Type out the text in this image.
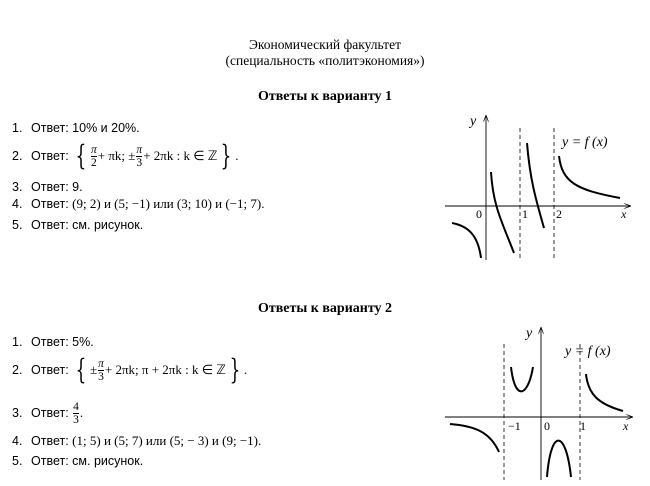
Экономический факультет
(специальность «политэкономия»)
Ответы к варианту 1
1. Ответ: 10% и 20%.
2. Ответ:
{ $\frac{\pi}{2} + \pi k$; ± $\frac{\pi}{3} + 2\pi k$ : k ∈ ℤ } .
3. Ответ: 9.
4. Ответ: (9; 2) и (5; −1) или (3; 10) и (−1; 7).
5. Ответ: см. рисунок.
y
x
0	1 2
y = f (x)
Ответы к варианту 2
1. Ответ: 5%.
2. Ответ:
{ ± $\frac{\pi}{3} + 2\pi k$; π + 2πk : k ∈ ℤ } .
3. Ответ:
$\frac{4}{3}$ .
4. Ответ: (1; 5) и (5; 7) или (5; − 3) и (9; −1).
5. Ответ: см. рисунок.
y
x
0
−1	1
y = f (x)
